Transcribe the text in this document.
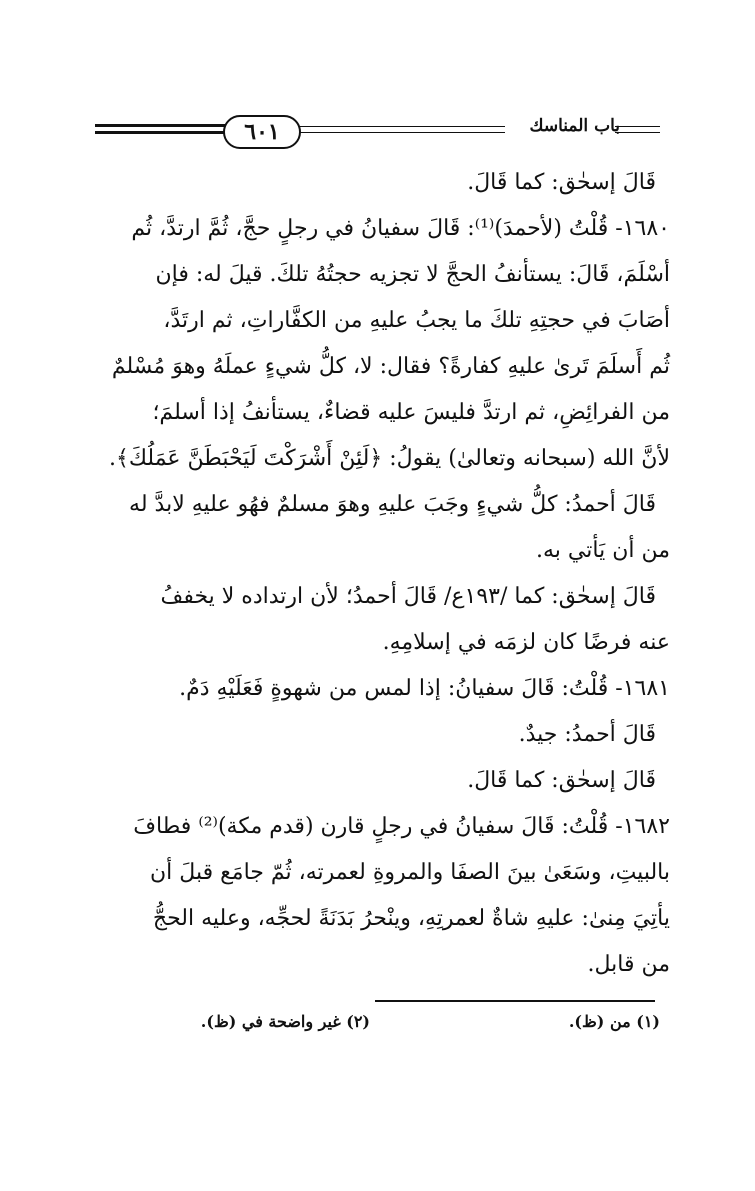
٦٠١	باب المناسك
قَالَ إسحٰق: كما قَالَ.
١٦٨٠- قُلْتُ (لأحمدَ)⁽¹⁾: قَالَ سفيانُ في رجلٍ حجَّ، ثُمَّ ارتدَّ، ثُم
أسْلَمَ، قَالَ: يستأنفُ الحجَّ لا تجزيه حجتُهُ تلكَ. قيلَ له: فإن
أصَابَ في حجتِهِ تلكَ ما يجبُ عليهِ من الكفَّاراتِ، ثم ارتَدَّ،
ثُم أَسلَمَ تَرىٰ عليهِ كفارةً؟ فقال: لا، كلُّ شيءٍ عملَهُ وهوَ مُسْلمٌ
من الفرائِضِ، ثم ارتدَّ فليسَ عليه قضاءٌ، يستأنفُ إذا أسلمَ؛
لأنَّ الله (سبحانه وتعالىٰ) يقولُ: ﴿لَئِنْ أَشْرَكْتَ لَيَحْبَطَنَّ عَمَلُكَ﴾.
قَالَ أحمدُ: كلُّ شيءٍ وجَبَ عليهِ وهوَ مسلمٌ فهُو عليهِ لابدَّ له
من أن يَأتي به.
قَالَ إسحٰق: كما /١٩٣ع/ قَالَ أحمدُ؛ لأن ارتداده لا يخففُ
عنه فرضًا كان لزمَه في إسلامِهِ.
١٦٨١- قُلْتُ: قَالَ سفيانُ: إذا لمس من شهوةٍ فَعَلَيْهِ دَمٌ.
قَالَ أحمدُ: جيدٌ.
قَالَ إسحٰق: كما قَالَ.
١٦٨٢- قُلْتُ: قَالَ سفيانُ في رجلٍ قارن (قدم مكة)⁽²⁾ فطافَ
بالبيتِ، وسَعَىٰ بينَ الصفَا والمروةِ لعمرته، ثُمّ جامَع قبلَ أن
يأتِيَ مِنىٰ: عليهِ شاةٌ لعمرتِهِ، وينْحرُ بَدَنَةً لحجِّه، وعليه الحجُّ
من قابل.
(١) من (ظ).
(٢) غير واضحة في (ظ).
